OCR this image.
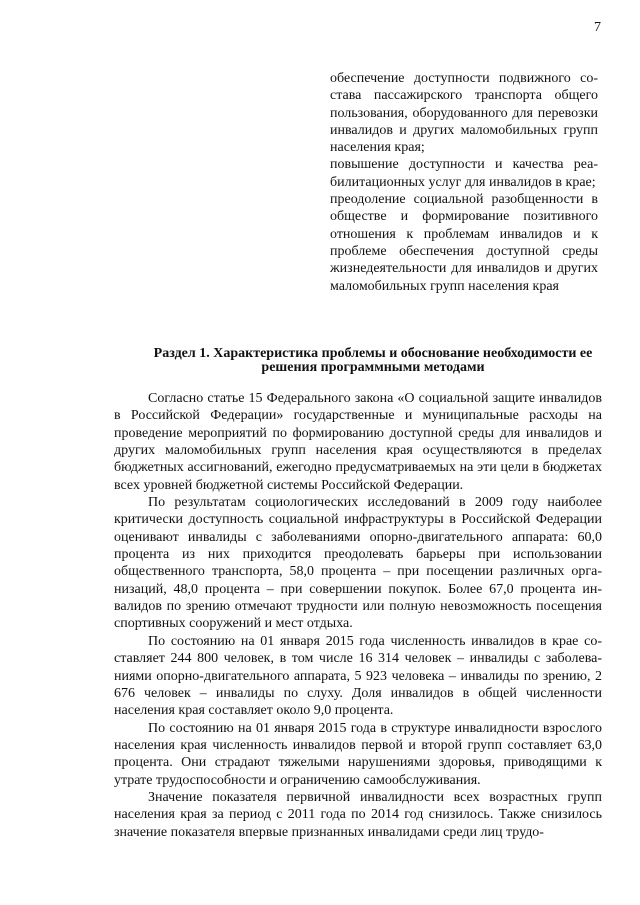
7

обеспечение доступности подвижного состава пассажирского транспорта общего пользования, оборудованного для перевозки инвалидов и других маломобильных групп населения края;

повышение доступности и качества реабилитационных услуг для инвалидов в крае;

преодоление социальной разобщенности в обществе и формирование позитивного отношения к проблемам инвалидов и к проблеме обеспечения доступной среды жизнедеятельности для инвалидов и других маломобильных групп населения края

Раздел 1. Характеристика проблемы и обоснование необходимости ее решения программными методами

Согласно статье 15 Федерального закона «О социальной защите инвалидов в Российской Федерации» государственные и муниципальные расходы на проведение мероприятий по формированию доступной среды для инвалидов и других маломобильных групп населения края осуществляются в пределах бюджетных ассигнований, ежегодно предусматриваемых на эти цели в бюджетах всех уровней бюджетной системы Российской Федерации.

По результатам социологических исследований в 2009 году наиболее критически доступность социальной инфраструктуры в Российской Федерации оценивают инвалиды с заболеваниями опорно-двигательного аппарата: 60,0 процента из них приходится преодолевать барьеры при использовании общественного транспорта, 58,0 процента – при посещении различных организаций, 48,0 процента – при совершении покупок. Более 67,0 процента инвалидов по зрению отмечают трудности или полную невозможность посещения спортивных сооружений и мест отдыха.

По состоянию на 01 января 2015 года численность инвалидов в крае составляет 244 800 человек, в том числе 16 314 человек – инвалиды с заболеваниями опорно-двигательного аппарата, 5 923 человека – инвалиды по зрению, 2 676 человек – инвалиды по слуху. Доля инвалидов в общей численности населения края составляет около 9,0 процента.

По состоянию на 01 января 2015 года в структуре инвалидности взрослого населения края численность инвалидов первой и второй групп составляет 63,0 процента. Они страдают тяжелыми нарушениями здоровья, приводящими к утрате трудоспособности и ограничению самообслуживания.

Значение показателя первичной инвалидности всех возрастных групп населения края за период с 2011 года по 2014 год снизилось. Также снизилось значение показателя впервые признанных инвалидами среди лиц трудо-
